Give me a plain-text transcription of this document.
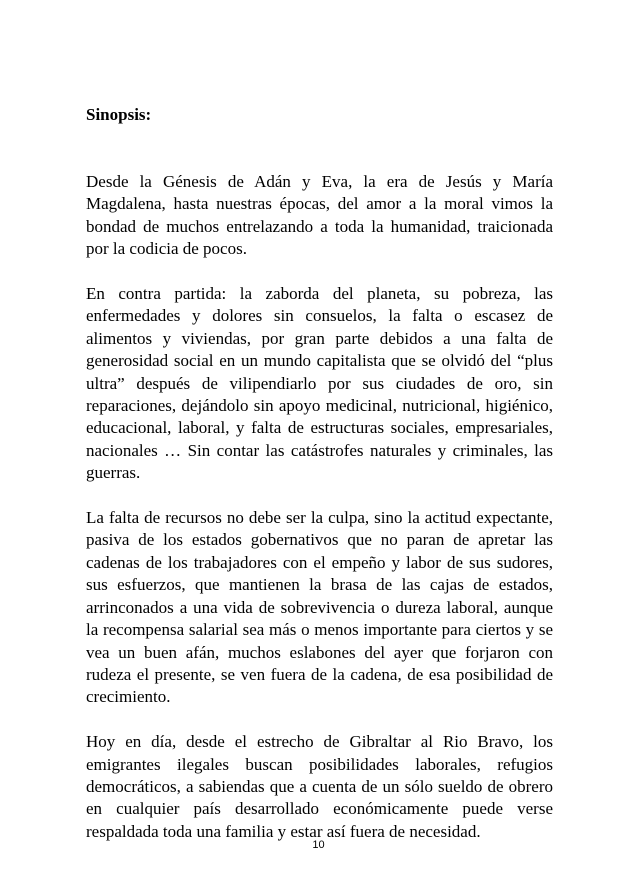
Sinopsis:

Desde la Génesis de Adán y Eva, la era de Jesús y María Magdalena, hasta nuestras épocas, del amor a la moral vimos la bondad de muchos entrelazando a toda la humanidad, traicionada por la codicia de pocos.

En contra partida: la zaborda del planeta, su pobreza, las enfermedades y dolores sin consuelos, la falta o escasez de alimentos y viviendas, por gran parte debidos a una falta de generosidad social en un mundo capitalista que se olvidó del “plus ultra” después de vilipendiarlo por sus ciudades de oro, sin reparaciones, dejándolo sin apoyo medicinal, nutricional, higiénico, educacional, laboral, y falta de estructuras sociales, empresariales, nacionales … Sin contar las catástrofes naturales y criminales, las guerras.

La falta de recursos no debe ser la culpa, sino la actitud expectante, pasiva de los estados gobernativos que no paran de apretar las cadenas de los trabajadores con el empeño y labor de sus sudores, sus esfuerzos, que mantienen la brasa de las cajas de estados, arrinconados a una vida de sobrevivencia o dureza laboral, aunque la recompensa salarial sea más o menos importante para ciertos y se vea un buen afán, muchos eslabones del ayer que forjaron con rudeza el presente, se ven fuera de la cadena, de esa posibilidad de crecimiento.

Hoy en día, desde el estrecho de Gibraltar al Rio Bravo, los emigrantes ilegales buscan posibilidades laborales, refugios democráticos, a sabiendas que a cuenta de un sólo sueldo de obrero en cualquier país desarrollado económicamente puede verse respaldada toda una familia y estar así fuera de necesidad.

10
